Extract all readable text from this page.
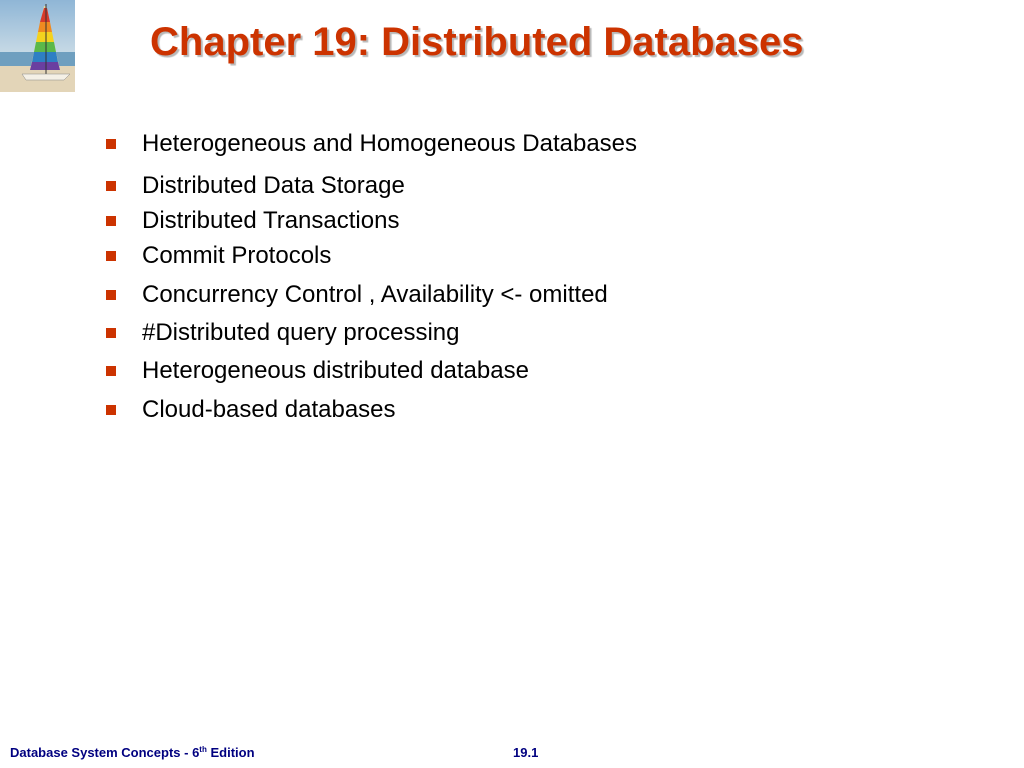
Chapter 19: Distributed Databases
Heterogeneous and Homogeneous Databases
Distributed Data Storage
Distributed Transactions
Commit Protocols
Concurrency Control , Availability <- omitted
#Distributed query processing
Heterogeneous distributed database
Cloud-based databases
Database System Concepts - 6th Edition	19.1
